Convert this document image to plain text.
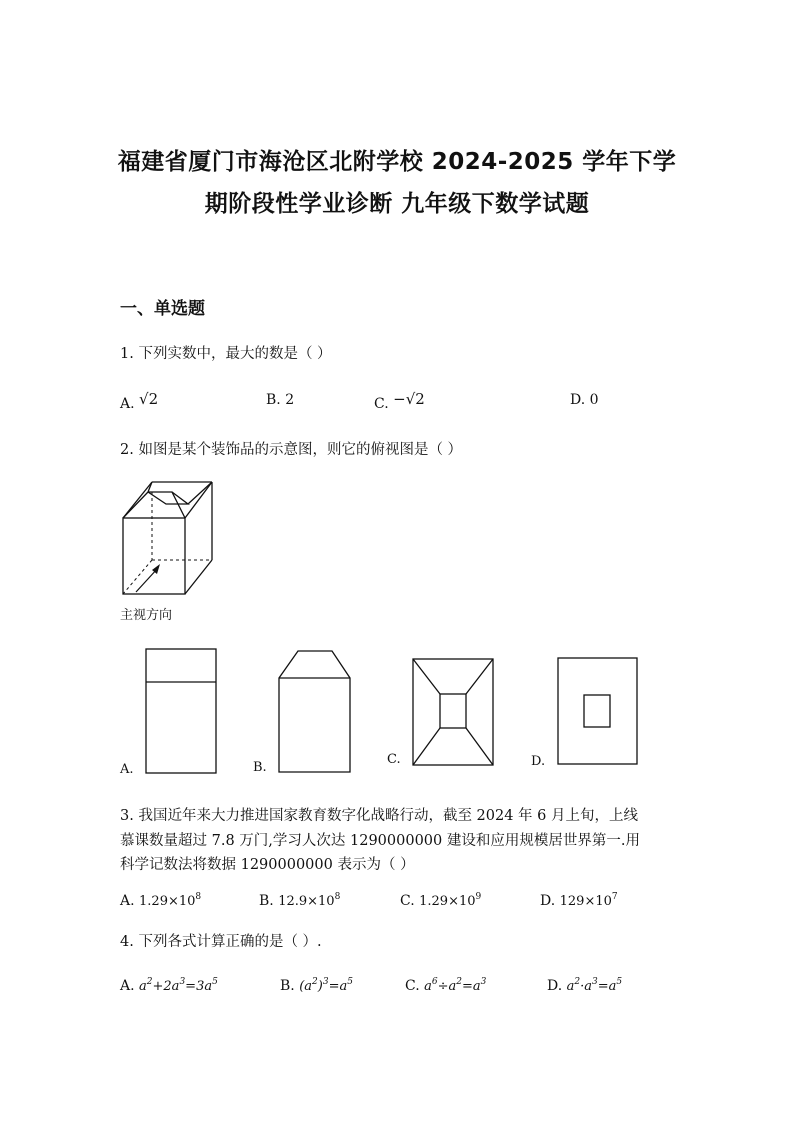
福建省厦门市海沧区北附学校 2024-2025 学年下学
期阶段性学业诊断 九年级下数学试题
一、单选题
1. 下列实数中，最大的数是（ ）
A. √2	B. 2	C. −√2	D. 0
2. 如图是某个装饰品的示意图，则它的俯视图是（ ）
主视方向
A.	B.
C.	D.
3. 我国近年来大力推进国家教育数字化战略行动，截至 2024 年 6 月上旬，上线
慕课数量超过 7.8 万门,学习人次达 1290000000 建设和应用规模居世界第一.用
科学记数法将数据 1290000000 表示为（ ）
A. $1.29\times 10^8$	B. $12.9\times 10^8$	C. $1.29\times 10^9$	D. $129\times 10^7$
4. 下列各式计算正确的是（ ）.
A. $a^2+2a^3=3a^5$	B. $(a^2)^3=a^5$	C. $a^6\div a^2=a^3$	D. $a^2\cdot a^3=a^5$
